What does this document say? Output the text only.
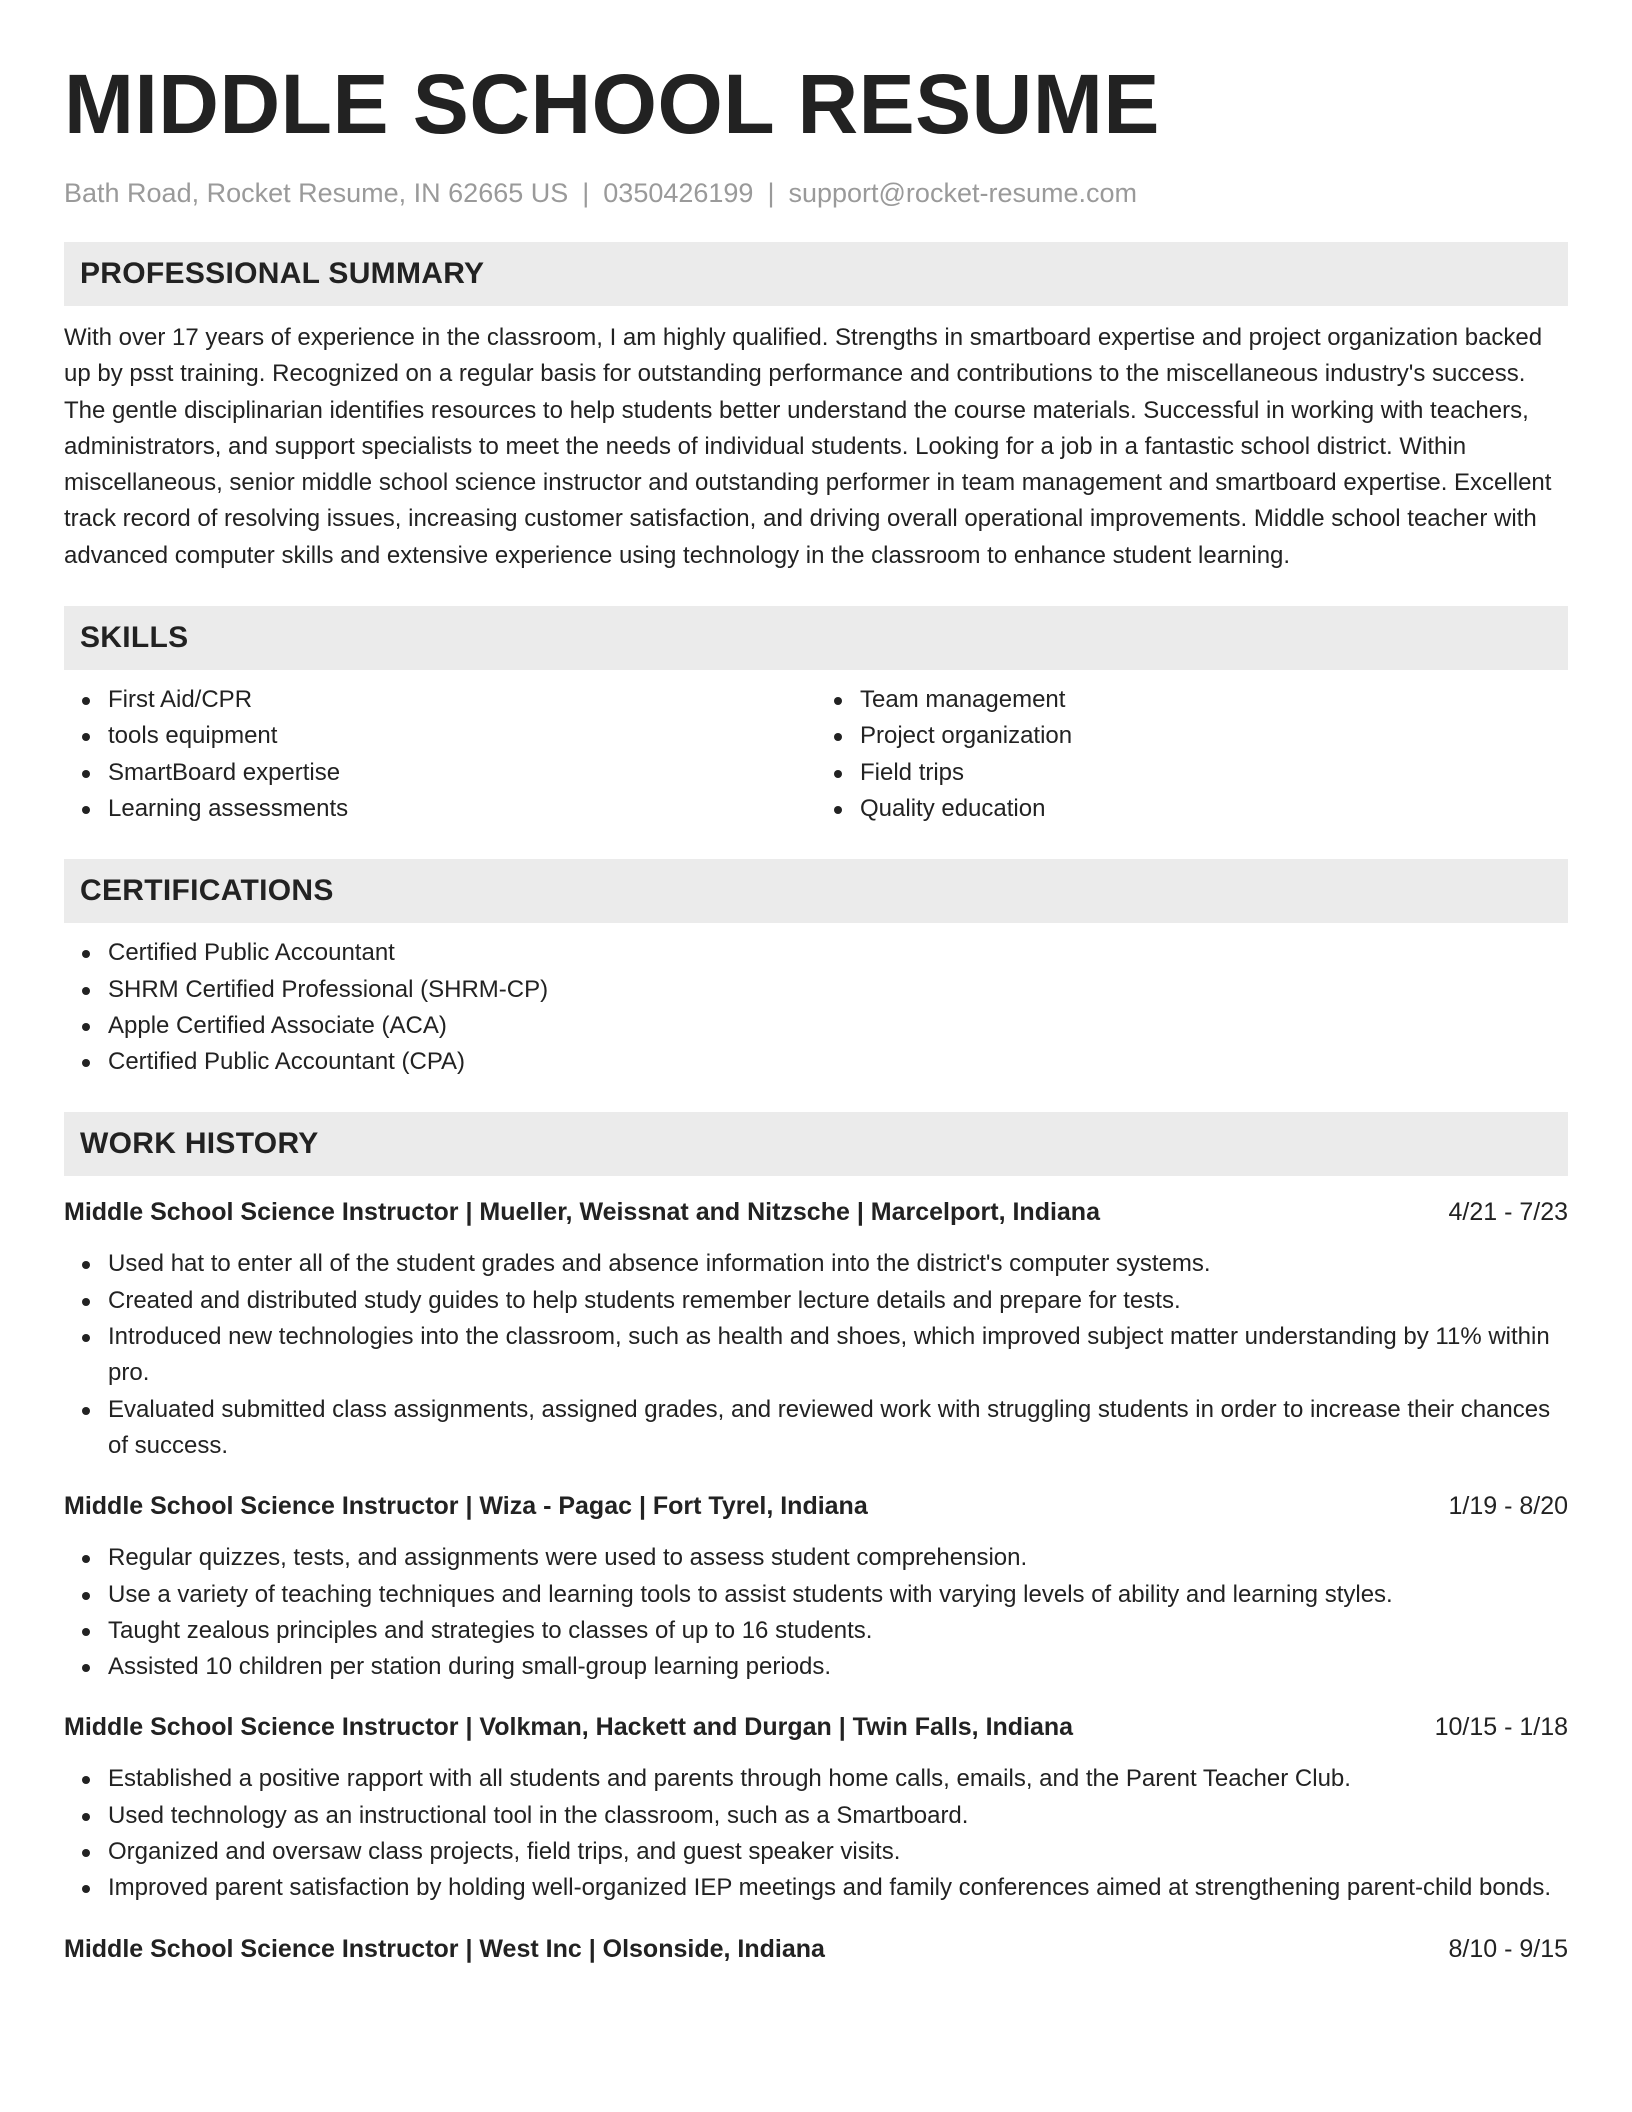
MIDDLE SCHOOL RESUME
Bath Road, Rocket Resume, IN 62665 US | 0350426199 | support@rocket-resume.com
PROFESSIONAL SUMMARY

With over 17 years of experience in the classroom, I am highly qualified. Strengths in smartboard expertise and project organization backed up by psst training. Recognized on a regular basis for outstanding performance and contributions to the miscellaneous industry's success. The gentle disciplinarian identifies resources to help students better understand the course materials. Successful in working with teachers, administrators, and support specialists to meet the needs of individual students. Looking for a job in a fantastic school district. Within miscellaneous, senior middle school science instructor and outstanding performer in team management and smartboard expertise. Excellent track record of resolving issues, increasing customer satisfaction, and driving overall operational improvements. Middle school teacher with advanced computer skills and extensive experience using technology in the classroom to enhance student learning.

SKILLS
First Aid/CPR
tools equipment
SmartBoard expertise
Learning assessments
Team management
Project organization
Field trips
Quality education
CERTIFICATIONS
Certified Public Accountant
SHRM Certified Professional (SHRM-CP)
Apple Certified Associate (ACA)
Certified Public Accountant (CPA)
WORK HISTORY
Middle School Science Instructor | Mueller, Weissnat and Nitzsche | Marcelport, Indiana	4/21 - 7/23
Used hat to enter all of the student grades and absence information into the district's computer systems.
Created and distributed study guides to help students remember lecture details and prepare for tests.
Introduced new technologies into the classroom, such as health and shoes, which improved subject matter understanding by 11% within pro.
Evaluated submitted class assignments, assigned grades, and reviewed work with struggling students in order to increase their chances of success.
Middle School Science Instructor | Wiza - Pagac | Fort Tyrel, Indiana	1/19 - 8/20
Regular quizzes, tests, and assignments were used to assess student comprehension.
Use a variety of teaching techniques and learning tools to assist students with varying levels of ability and learning styles.
Taught zealous principles and strategies to classes of up to 16 students.
Assisted 10 children per station during small-group learning periods.
Middle School Science Instructor | Volkman, Hackett and Durgan | Twin Falls, Indiana	10/15 - 1/18
Established a positive rapport with all students and parents through home calls, emails, and the Parent Teacher Club.
Used technology as an instructional tool in the classroom, such as a Smartboard.
Organized and oversaw class projects, field trips, and guest speaker visits.
Improved parent satisfaction by holding well-organized IEP meetings and family conferences aimed at strengthening parent-child bonds.
Middle School Science Instructor | West Inc | Olsonside, Indiana	8/10 - 9/15
